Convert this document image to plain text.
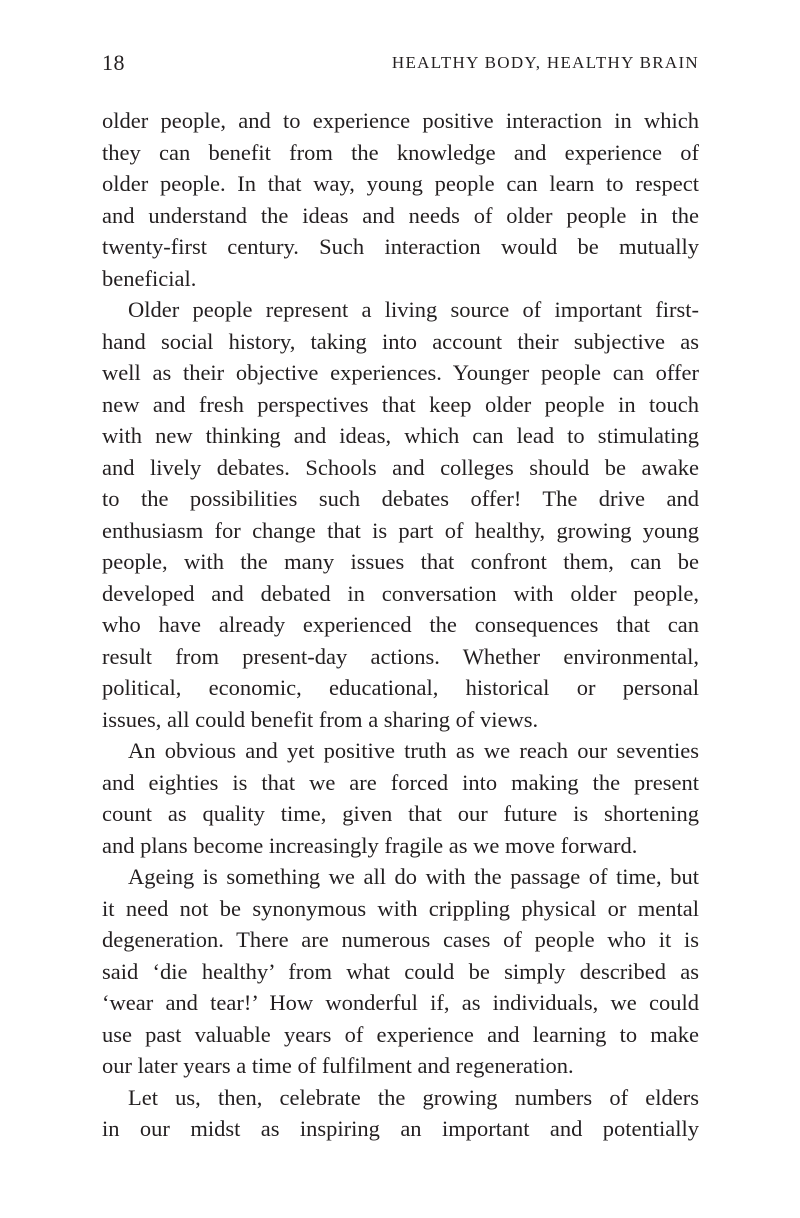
18	HEALTHY BODY, HEALTHY BRAIN
older people, and to experience positive interaction in which
they can benefit from the knowledge and experience of
older people. In that way, young people can learn to respect
and understand the ideas and needs of older people in the
twenty-first century. Such interaction would be mutually
beneficial.
Older people represent a living source of important first-
hand social history, taking into account their subjective as
well as their objective experiences. Younger people can offer
new and fresh perspectives that keep older people in touch
with new thinking and ideas, which can lead to stimulating
and lively debates. Schools and colleges should be awake
to the possibilities such debates offer! The drive and
enthusiasm for change that is part of healthy, growing young
people, with the many issues that confront them, can be
developed and debated in conversation with older people,
who have already experienced the consequences that can
result from present-day actions. Whether environmental,
political, economic, educational, historical or personal
issues, all could benefit from a sharing of views.
An obvious and yet positive truth as we reach our seventies
and eighties is that we are forced into making the present
count as quality time, given that our future is shortening
and plans become increasingly fragile as we move forward.
Ageing is something we all do with the passage of time, but
it need not be synonymous with crippling physical or mental
degeneration. There are numerous cases of people who it is
said ‘die healthy’ from what could be simply described as
‘wear and tear!’ How wonderful if, as individuals, we could
use past valuable years of experience and learning to make
our later years a time of fulfilment and regeneration.
Let us, then, celebrate the growing numbers of elders
in our midst as inspiring an important and potentially
